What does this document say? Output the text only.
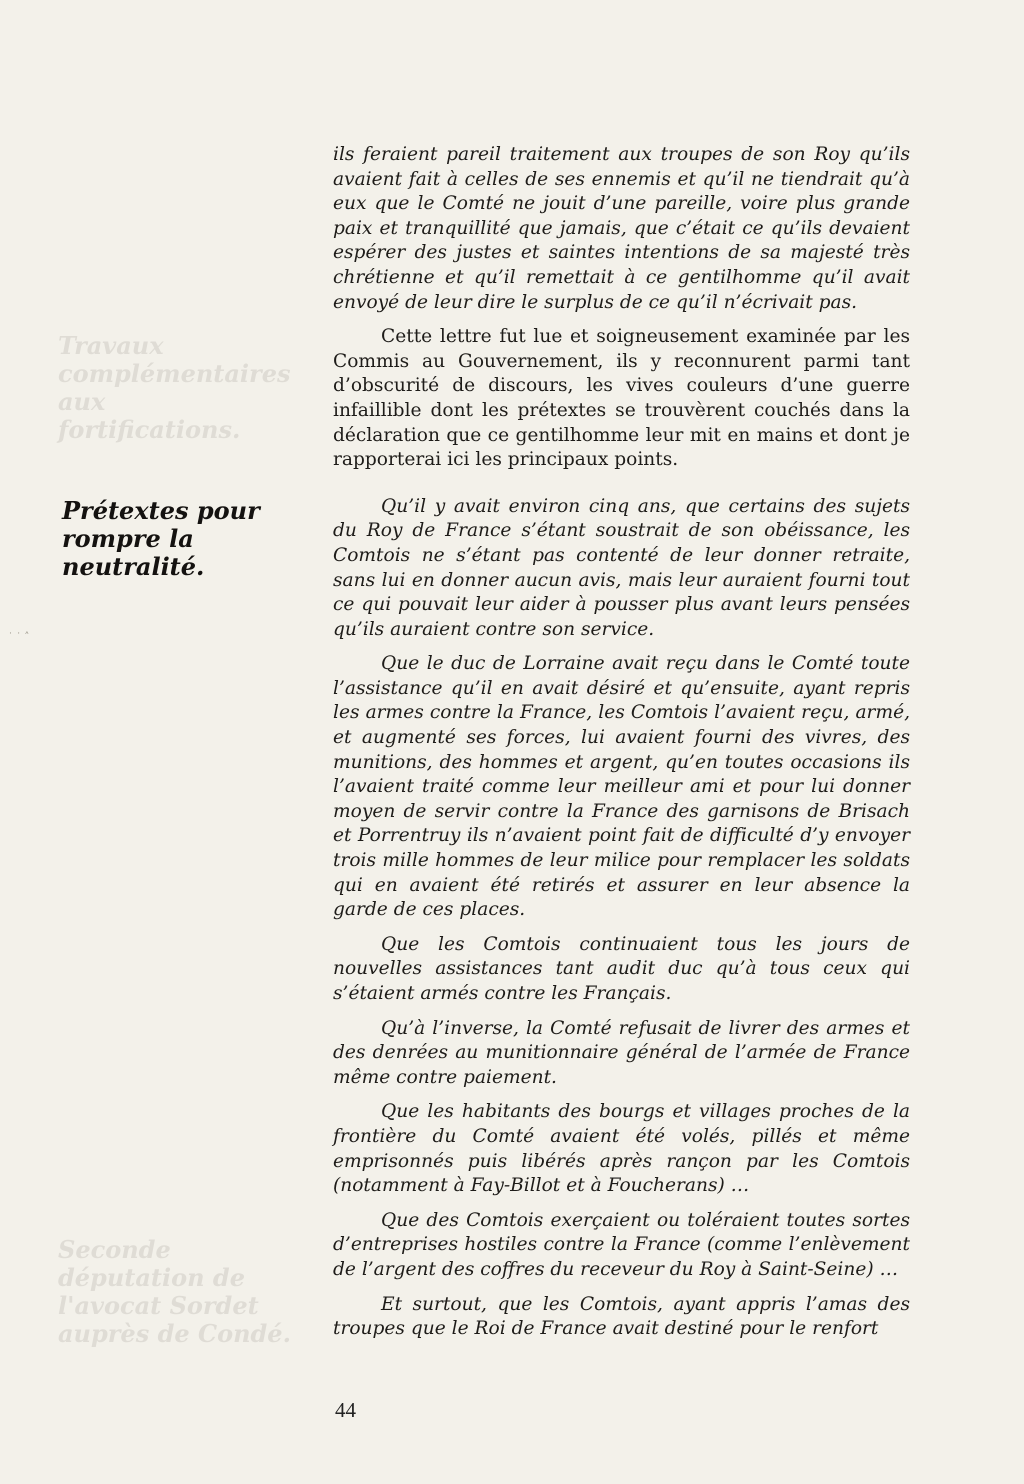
Travaux
complémentaires
aux
fortifications.
Seconde
députation de
l'avocat Sordet
auprès de Condé.
˙ ˙ ˄
Prétextes pour
rompre la
neutralité.

ils feraient pareil traitement aux troupes de son Roy qu’ils avaient fait à celles de ses ennemis et qu’il ne tiendrait qu’à eux que le Comté ne jouit d’une pareille, voire plus grande paix et tranquillité que jamais, que c’était ce qu’ils devaient espérer des justes et saintes intentions de sa majesté très chrétienne et qu’il remettait à ce gentilhomme qu’il avait envoyé de leur dire le surplus de ce qu’il n’écrivait pas.

Cette lettre fut lue et soigneusement examinée par les Commis au Gouvernement, ils y reconnurent parmi tant d’obscurité de discours, les vives couleurs d’une guerre infaillible dont les prétextes se trouvèrent couchés dans la déclaration que ce gentilhomme leur mit en mains et dont je rapporterai ici les principaux points.

Qu’il y avait environ cinq ans, que certains des sujets du Roy de France s’étant soustrait de son obéissance, les Comtois ne s’étant pas contenté de leur donner retraite, sans lui en donner aucun avis, mais leur auraient fourni tout ce qui pouvait leur aider à pousser plus avant leurs pensées qu’ils auraient contre son service.

Que le duc de Lorraine avait reçu dans le Comté toute l’assistance qu’il en avait désiré et qu’ensuite, ayant repris les armes contre la France, les Comtois l’avaient reçu, armé, et augmenté ses forces, lui avaient fourni des vivres, des munitions, des hommes et argent, qu’en toutes occasions ils l’avaient traité comme leur meilleur ami et pour lui donner moyen de servir contre la France des garnisons de Brisach et Porrentruy ils n’avaient point fait de difficulté d’y envoyer trois mille hommes de leur milice pour remplacer les soldats qui en avaient été retirés et assurer en leur absence la garde de ces places.

Que les Comtois continuaient tous les jours de nouvelles assistances tant audit duc qu’à tous ceux qui s’étaient armés contre les Français.

Qu’à l’inverse, la Comté refusait de livrer des armes et des denrées au munitionnaire général de l’armée de France même contre paiement.

Que les habitants des bourgs et villages proches de la frontière du Comté avaient été volés, pillés et même emprisonnés puis libérés après rançon par les Comtois (notamment à Fay-Billot et à Foucherans) …

Que des Comtois exerçaient ou toléraient toutes sortes d’entreprises hostiles contre la France (comme l’enlèvement de l’argent des coffres du receveur du Roy à Saint-Seine) …

Et surtout, que les Comtois, ayant appris l’amas des troupes que le Roi de France avait destiné pour le renfort

44
